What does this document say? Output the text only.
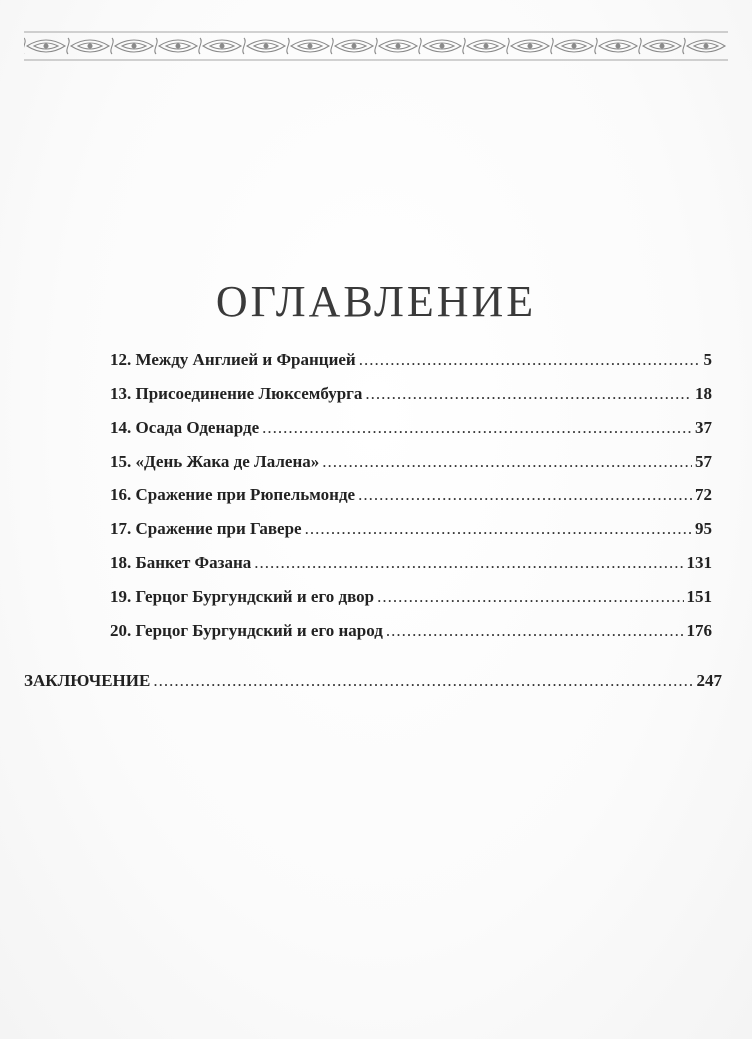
ОГЛАВЛЕНИЕ
12. Между Англией и Францией .....	5
13. Присоединение Люксембурга .....	18
14. Осада Оденарде .....	37
15. «День Жака де Лалена» .....	57
16. Сражение при Рюпельмонде .....	72
17. Сражение при Гавере .....	95
18. Банкет Фазана .....	131
19. Герцог Бургундский и его двор .....	151
20. Герцог Бургундский и его народ .....	176
ЗАКЛЮЧЕНИЕ .....	247
